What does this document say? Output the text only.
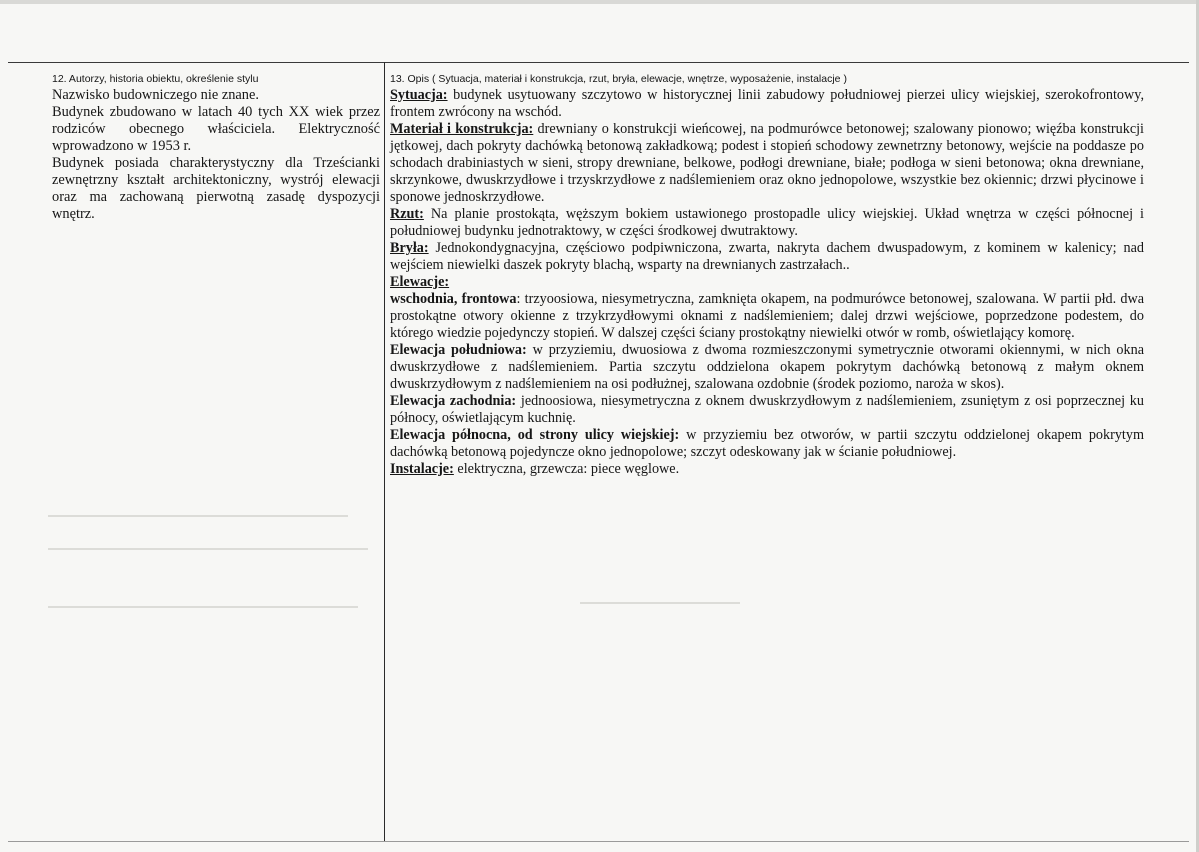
12. Autorzy, historia obiektu, określenie stylu

Nazwisko budowniczego nie znane.

Budynek zbudowano w latach 40 tych XX wiek przez rodziców obecnego właściciela. Elektryczność wprowadzono w 1953 r.

Budynek posiada charakterystyczny dla Trześcianki zewnętrzny kształt architektoniczny, wystrój elewacji oraz ma zachowaną pierwotną zasadę dyspozycji wnętrz.

13. Opis ( Sytuacja, materiał i konstrukcja, rzut, bryła, elewacje, wnętrze, wyposażenie, instalacje )

Sytuacja: budynek usytuowany szczytowo w historycznej linii zabudowy południowej pierzei ulicy wiejskiej, szerokofrontowy, frontem zwrócony na wschód.

Materiał i konstrukcja: drewniany o konstrukcji wieńcowej, na podmurówce betonowej; szalowany pionowo; więźba konstrukcji jętkowej, dach pokryty dachówką betonową zakładkową; podest i stopień schodowy zewnetrzny betonowy, wejście na poddasze po schodach drabiniastych w sieni, stropy drewniane, belkowe, podłogi drewniane, białe; podłoga w sieni betonowa; okna drewniane, skrzynkowe, dwuskrzydłowe i trzyskrzydłowe z nadślemieniem oraz okno jednopolowe, wszystkie bez okiennic; drzwi płycinowe i sponowe jednoskrzydłowe.

Rzut: Na planie prostokąta, węższym bokiem ustawionego prostopadle ulicy wiejskiej. Układ wnętrza w części północnej i południowej budynku jednotraktowy, w części środkowej dwutraktowy.

Bryła: Jednokondygnacyjna, częściowo podpiwniczona, zwarta, nakryta dachem dwuspadowym, z kominem w kalenicy; nad wejściem niewielki daszek pokryty blachą, wsparty na drewnianych zastrzałach..

Elewacje:

wschodnia, frontowa: trzyoosiowa, niesymetryczna, zamknięta okapem, na podmurówce betonowej, szalowana. W partii płd. dwa prostokątne otwory okienne z trzykrzydłowymi oknami z nadślemieniem; dalej drzwi wejściowe, poprzedzone podestem, do którego wiedzie pojedynczy stopień. W dalszej części ściany prostokątny niewielki otwór w romb, oświetlający komorę.

Elewacja południowa: w przyziemiu, dwuosiowa z dwoma rozmieszczonymi symetrycznie otworami okiennymi, w nich okna dwuskrzydłowe z nadślemieniem. Partia szczytu oddzielona okapem pokrytym dachówką betonową z małym oknem dwuskrzydłowym z nadślemieniem na osi podłużnej, szalowana ozdobnie (środek poziomo, naroża w skos).

Elewacja zachodnia: jednoosiowa, niesymetryczna z oknem dwuskrzydłowym z nadślemieniem, zsuniętym z osi poprzecznej ku północy, oświetlającym kuchnię.

Elewacja północna, od strony ulicy wiejskiej: w przyziemiu bez otworów, w partii szczytu oddzielonej okapem pokrytym dachówką betonową pojedyncze okno jednopolowe; szczyt odeskowany jak w ścianie południowej.

Instalacje: elektryczna, grzewcza: piece węglowe.
